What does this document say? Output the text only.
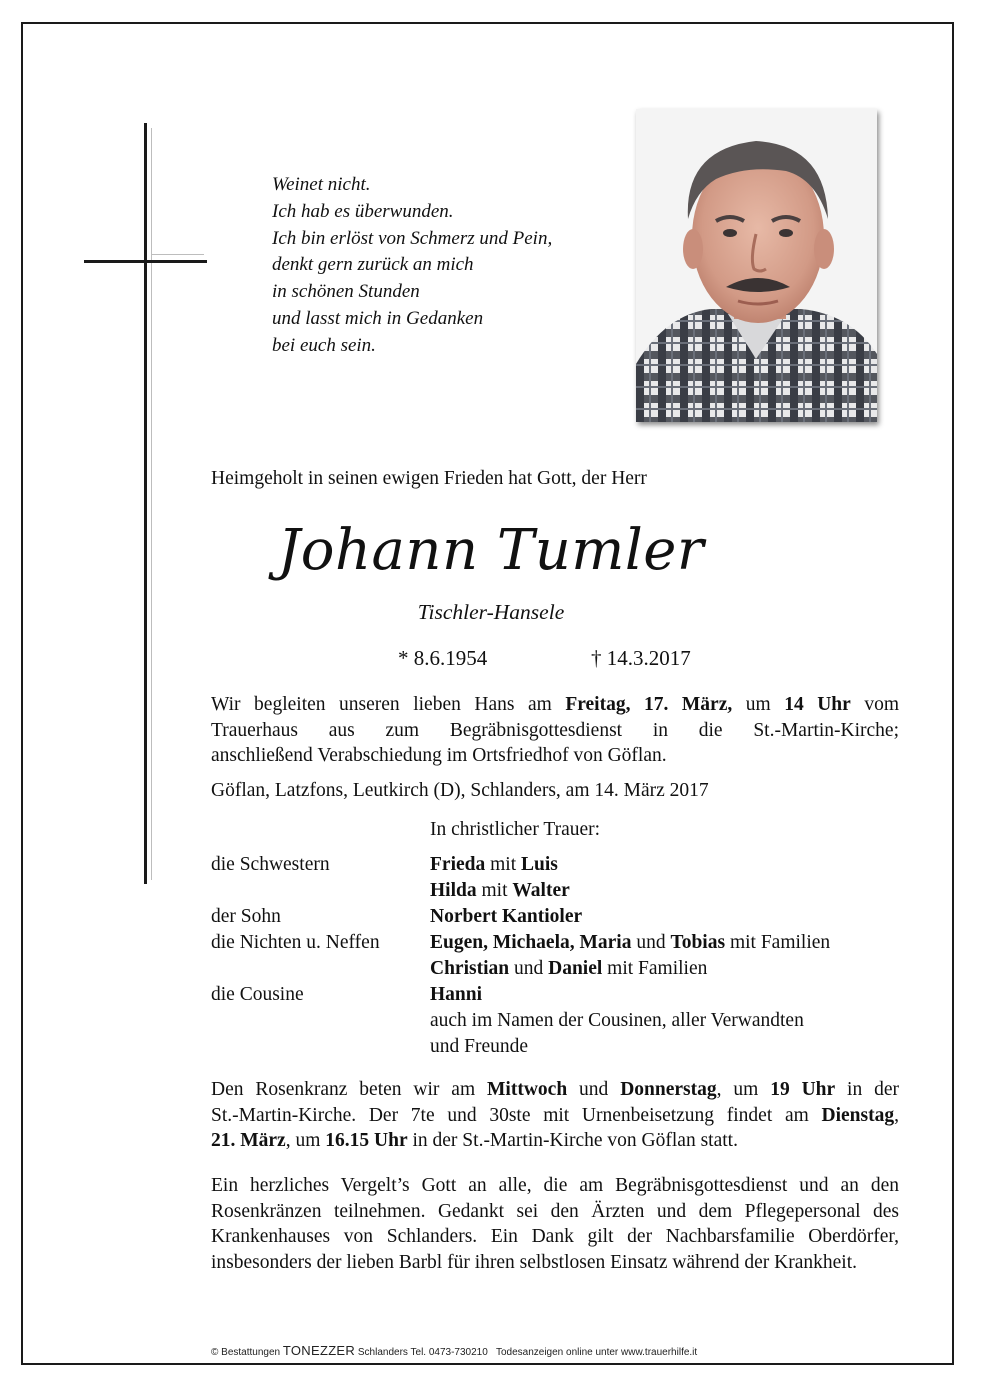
Weinet nicht.
Ich hab es überwunden.
Ich bin erlöst von Schmerz und Pein,
denkt gern zurück an mich
in schönen Stunden
und lasst mich in Gedanken
bei euch sein.
Heimgeholt in seinen ewigen Frieden hat Gott, der Herr
Johann Tumler
Tischler-Hansele
* 8.6.1954	† 14.3.2017
Wir begleiten unseren lieben Hans am Freitag, 17. März, um 14 Uhr vom
Trauerhaus aus zum Begräbnisgottesdienst in die St.-Martin-Kirche;
anschließend Verabschiedung im Ortsfriedhof von Göflan.
Göflan, Latzfons, Leutkirch (D), Schlanders, am 14. März 2017
In christlicher Trauer:
die Schwestern	Frieda mit Luis
Hilda mit Walter
der Sohn	Norbert Kantioler
die Nichten u. Neffen	Eugen, Michaela, Maria und Tobias mit Familien
Christian und Daniel mit Familien
die Cousine	Hanni
auch im Namen der Cousinen, aller Verwandten
und Freunde
Den Rosenkranz beten wir am Mittwoch und Donnerstag, um 19 Uhr in der
St.-Martin-Kirche. Der 7te und 30ste mit Urnenbeisetzung findet am Dienstag,
21. März, um 16.15 Uhr in der St.-Martin-Kirche von Göflan statt.
Ein herzliches Vergelt’s Gott an alle, die am Begräbnisgottesdienst und an den
Rosenkränzen teilnehmen. Gedankt sei den Ärzten und dem Pflegepersonal des
Krankenhauses von Schlanders. Ein Dank gilt der Nachbarsfamilie Oberdörfer,
insbesonders der lieben Barbl für ihren selbstlosen Einsatz während der Krankheit.
© Bestattungen TONEZZER Schlanders Tel. 0473-730210   Todesanzeigen online unter www.trauerhilfe.it
